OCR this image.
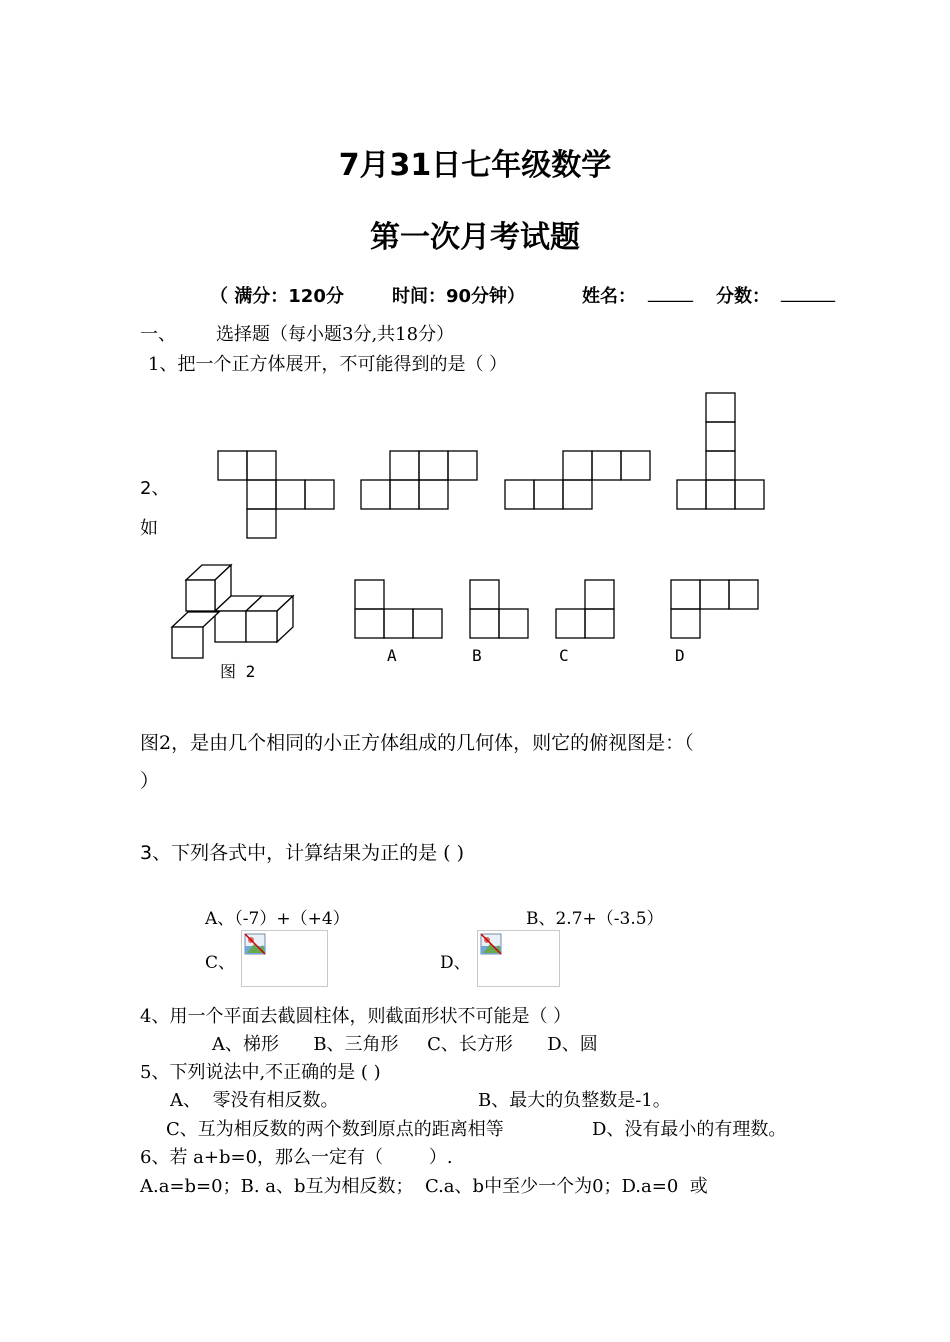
7月31日七年级数学
第一次月考试题
（ 满分：120分	时间：90分钟）	姓名： _____ 分数： ______
一、 选择题（每小题3分,共18分）
1、把一个正方体展开，不可能得到的是（ ）
2、
如
图 2
A	B	C	D
图2，是由几个相同的小正方体组成的几何体，则它的俯视图是：（
）
3、下列各式中，计算结果为正的是 ( )
A、（-7）+（+4）	B、2.7+（-3.5）
C、	D、
4、用一个平面去截圆柱体，则截面形状不可能是（ ）
A、梯形      B、三角形     C、长方形      D、圆
5、下列说法中,不正确的是 ( )
A、  零没有相反数。	B、最大的负整数是-1。
C、互为相反数的两个数到原点的距离相等	D、没有最小的有理数。
6、若 a+b=0，那么一定有（        ）.
A.a=b=0；B. a、b互为相反数；  C.a、b中至少一个为0；D.a=0  或
